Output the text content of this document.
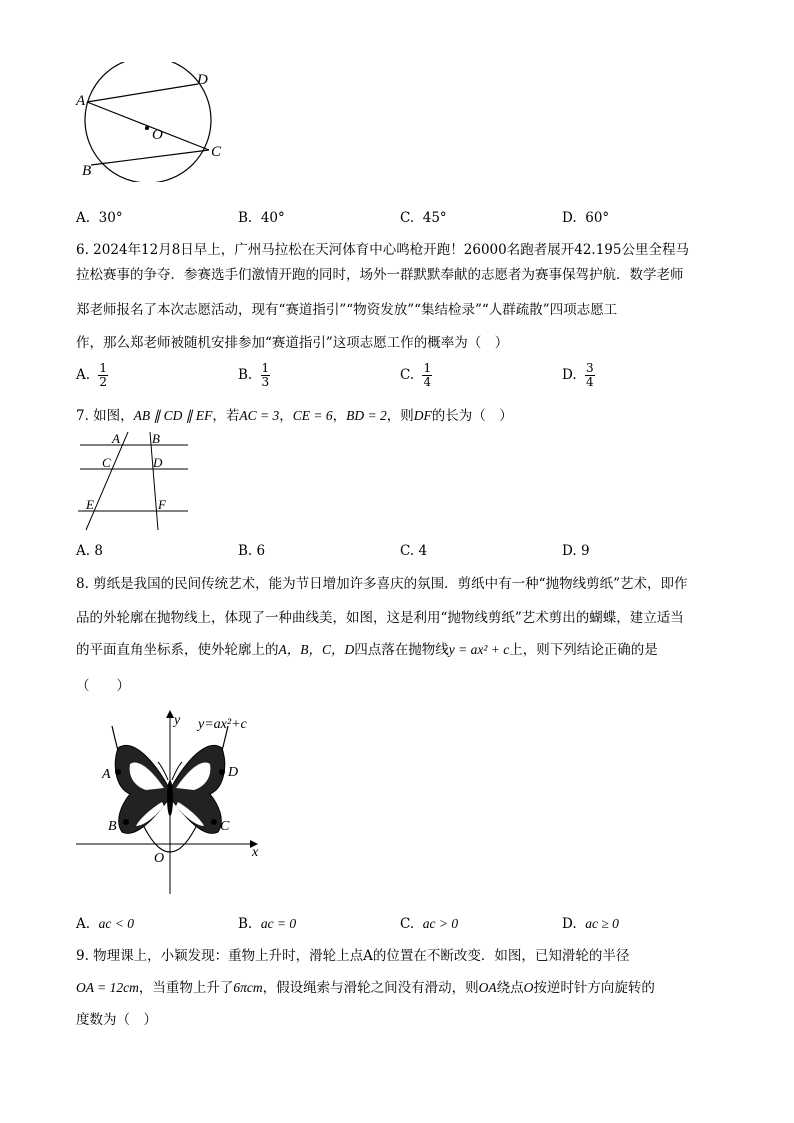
A
D
O
C
B
A. 30°	B. 40°	C. 45°	D. 60°
6. 2024年12月8日早上，广州马拉松在天河体育中心鸣枪开跑！26000名跑者展开42.195公里全程马
拉松赛事的争夺．参赛选手们激情开跑的同时，场外一群默默奉献的志愿者为赛事保驾护航．数学老师
郑老师报名了本次志愿活动，现有“赛道指引”“物资发放”“集结检录”“人群疏散”四项志愿工
作，那么郑老师被随机安排参加“赛道指引”这项志愿工作的概率为（　）
A. $\frac{1}{2}$	B. $\frac{1}{3}$	C. $\frac{1}{4}$	D. $\frac{3}{4}$
7. 如图，AB ∥ CD ∥ EF，若AC = 3，CE = 6，BD = 2，则DF的长为（　）
A B
C	D
E	F
A. 8	B. 6	C. 4	D. 9
8. 剪纸是我国的民间传统艺术，能为节日增加许多喜庆的氛围．剪纸中有一种“抛物线剪纸”艺术，即作
品的外轮廓在抛物线上，体现了一种曲线美，如图，这是利用“抛物线剪纸”艺术剪出的蝴蝶，建立适当
的平面直角坐标系，使外轮廓上的A，B，C，D四点落在抛物线y = ax² + c上，则下列结论正确的是
（　　）
A	D
B	C
O	x
y y=ax²+c
A. ac < 0	B. ac = 0	C. ac > 0	D. ac ≥ 0
9. 物理课上，小颖发现：重物上升时，滑轮上点A的位置在不断改变．如图，已知滑轮的半径
OA = 12cm，当重物上升了6πcm，假设绳索与滑轮之间没有滑动，则OA绕点O按逆时针方向旋转的
度数为（　）
